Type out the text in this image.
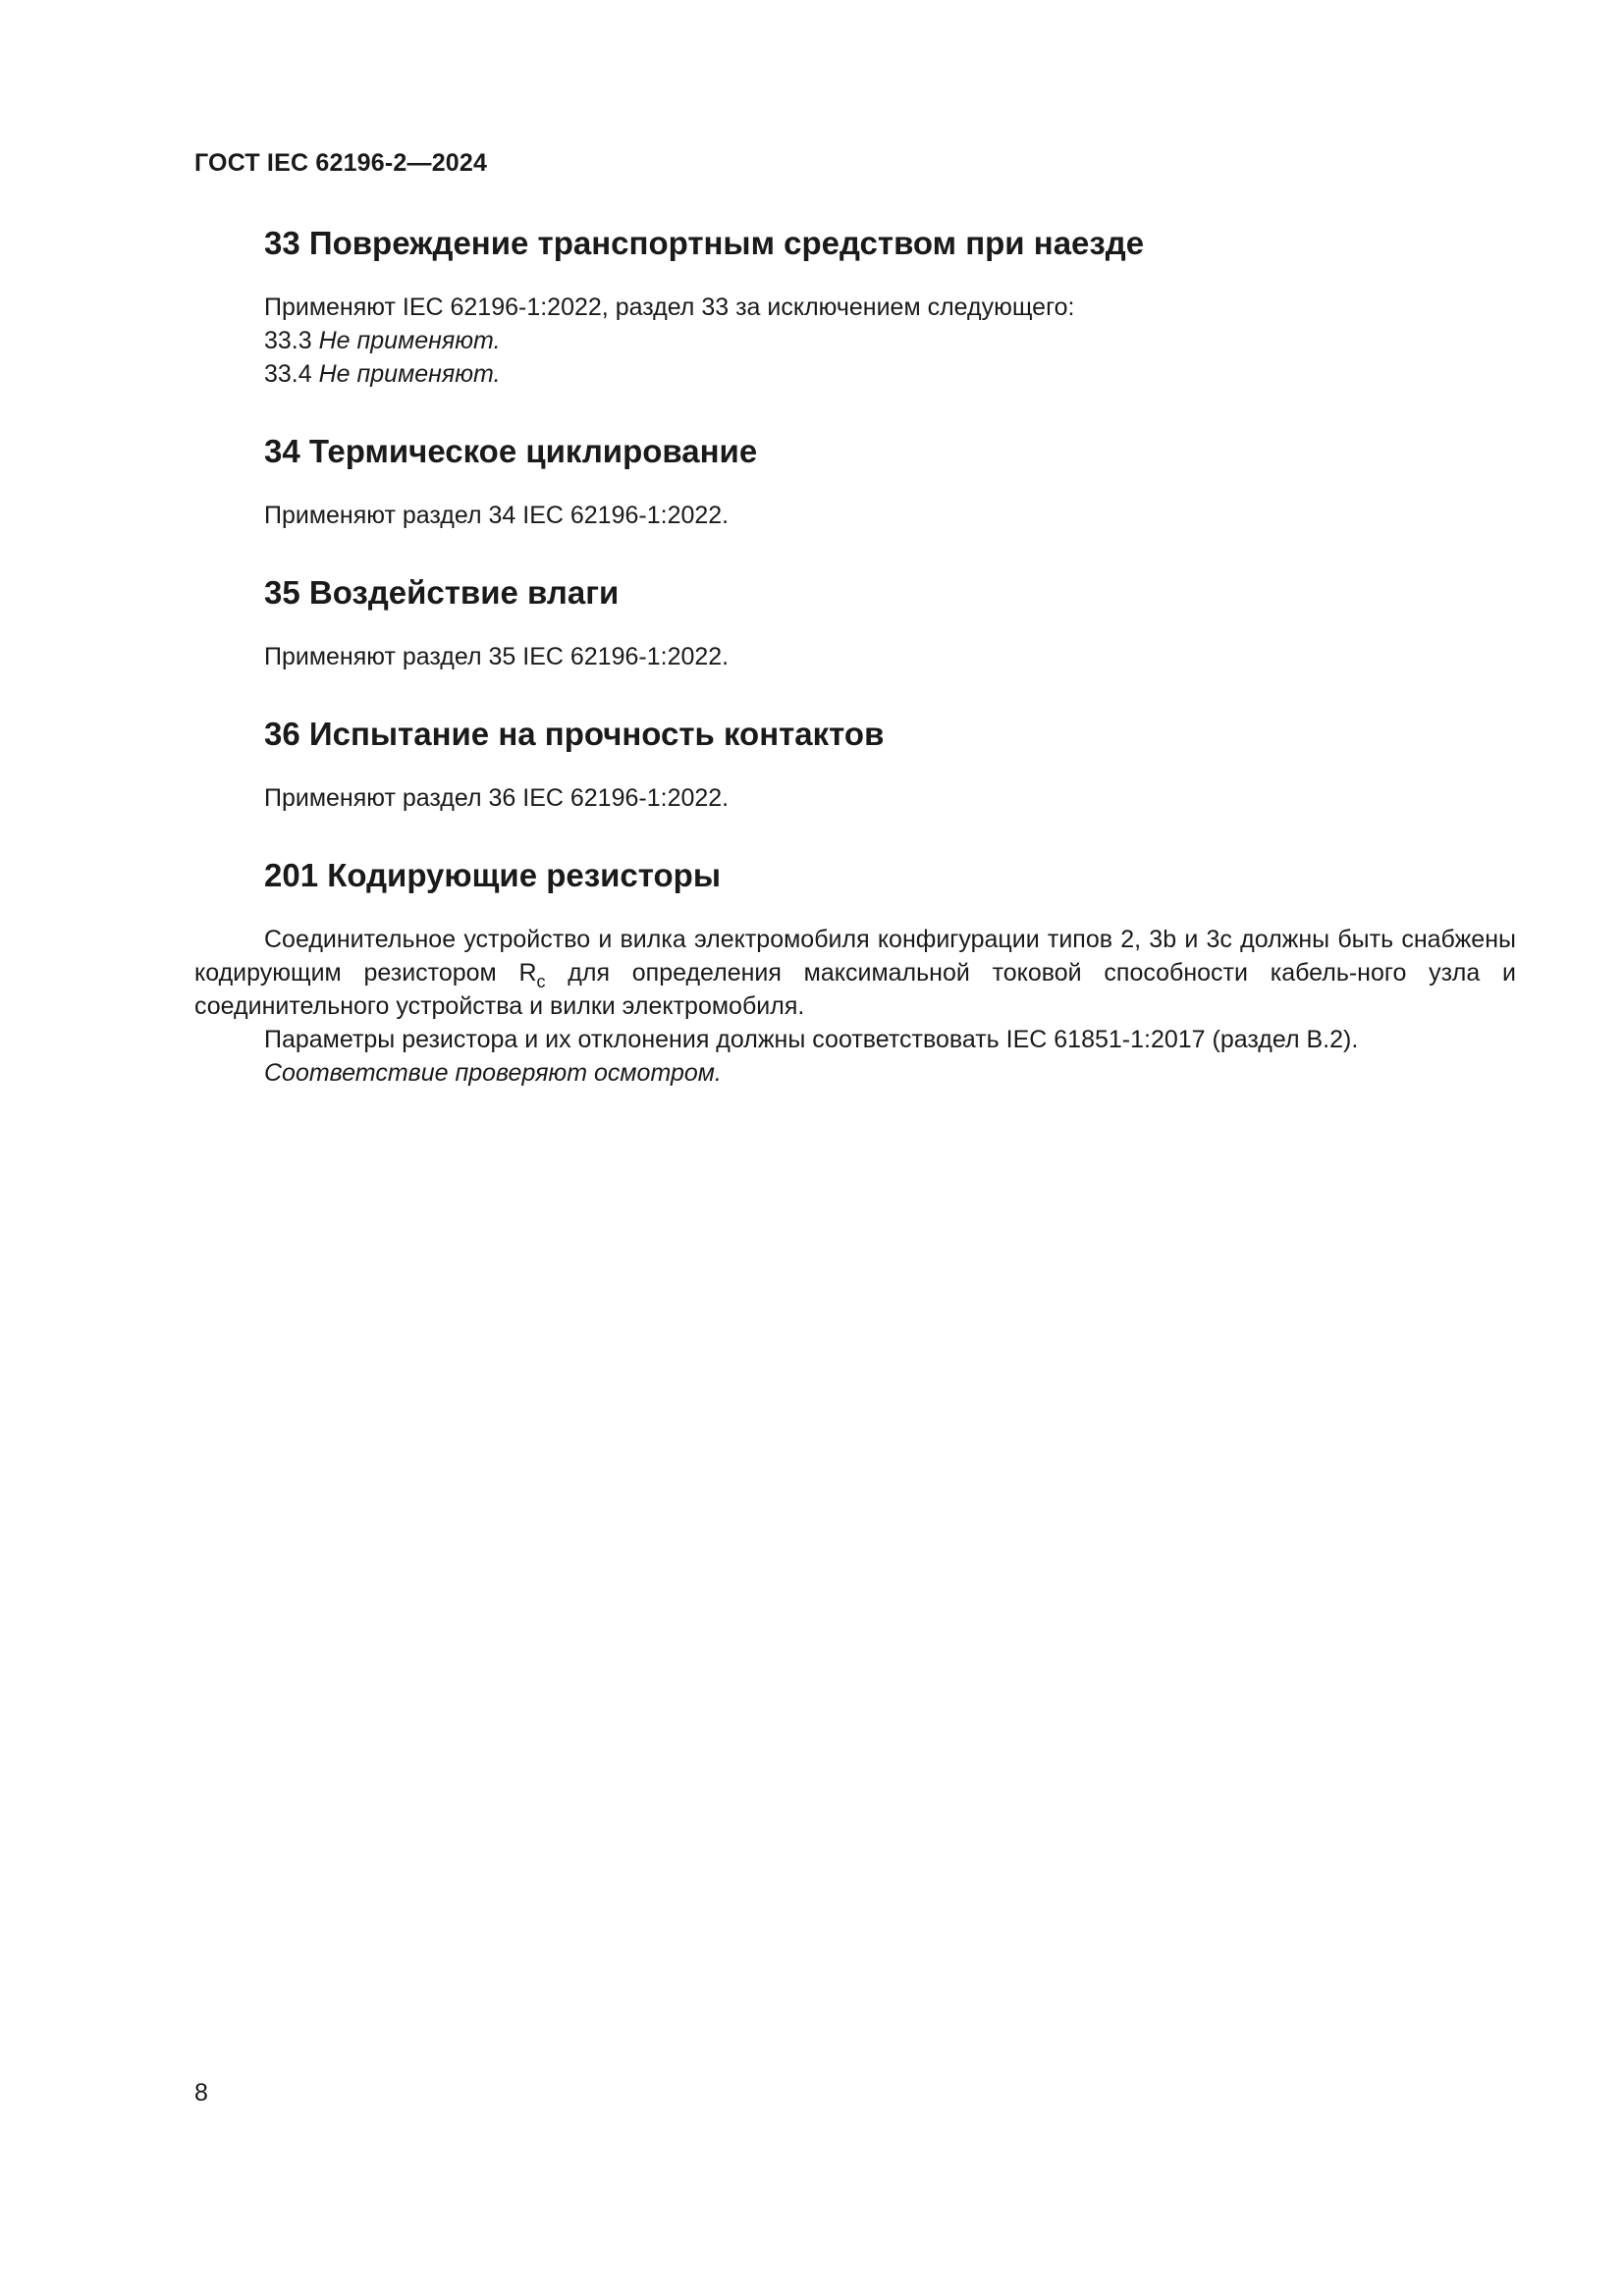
ГОСТ IEC 62196-2—2024
33 Повреждение транспортным средством при наезде

Применяют IEC 62196-1:2022, раздел 33 за исключением следующего:

33.3 Не применяют.

33.4 Не применяют.

34 Термическое циклирование

Применяют раздел 34 IEC 62196-1:2022.

35 Воздействие влаги

Применяют раздел 35 IEC 62196-1:2022.

36 Испытание на прочность контактов

Применяют раздел 36 IEC 62196-1:2022.

201 Кодирующие резисторы

Соединительное устройство и вилка электромобиля конфигурации типов 2, 3b и 3c должны быть снабжены кодирующим резистором $R_c$ для определения максимальной токовой способности кабель-ного узла и соединительного устройства и вилки электромобиля.

Параметры резистора и их отклонения должны соответствовать IEC 61851-1:2017 (раздел B.2).

Соответствие проверяют осмотром.

8
